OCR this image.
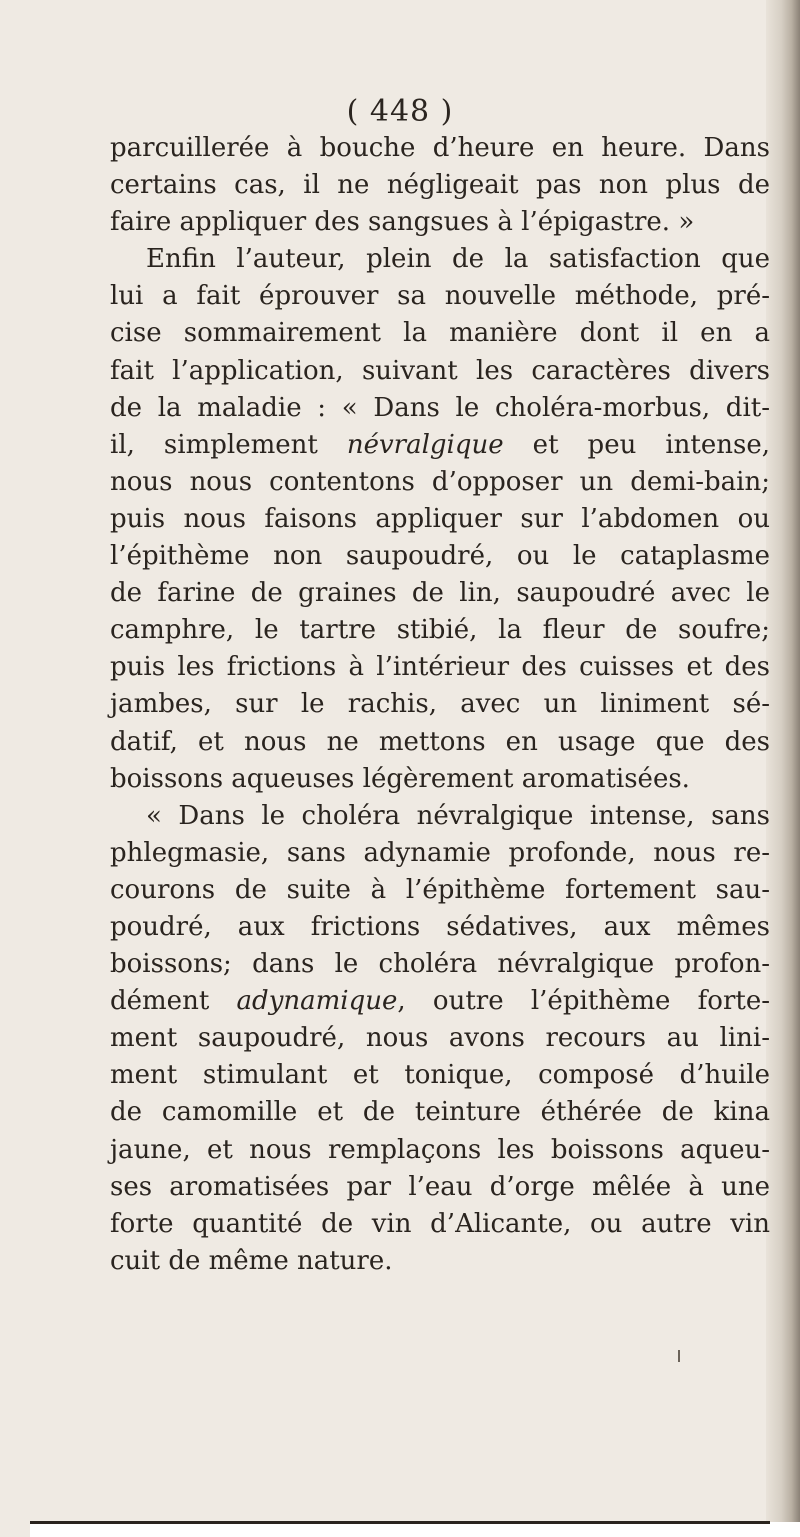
( 448 )
parcuillerée à bouche d’heure en heure. Dans
certains cas, il ne négligeait pas non plus de
faire appliquer des sangsues à l’épigastre. »
Enfin l’auteur, plein de la satisfaction que
lui a fait éprouver sa nouvelle méthode, pré-
cise sommairement la manière dont il en a
fait l’application, suivant les caractères divers
de la maladie : « Dans le choléra-morbus, dit-
il, simplement névralgique et peu intense,
nous nous contentons d’opposer un demi-bain;
puis nous faisons appliquer sur l’abdomen ou
l’épithème non saupoudré, ou le cataplasme
de farine de graines de lin, saupoudré avec le
camphre, le tartre stibié, la fleur de soufre;
puis les frictions à l’intérieur des cuisses et des
jambes, sur le rachis, avec un liniment sé-
datif, et nous ne mettons en usage que des
boissons aqueuses légèrement aromatisées.
« Dans le choléra névralgique intense, sans
phlegmasie, sans adynamie profonde, nous re-
courons de suite à l’épithème fortement sau-
poudré, aux frictions sédatives, aux mêmes
boissons; dans le choléra névralgique profon-
dément adynamique, outre l’épithème forte-
ment saupoudré, nous avons recours au lini-
ment stimulant et tonique, composé d’huile
de camomille et de teinture éthérée de kina
jaune, et nous remplaçons les boissons aqueu-
ses aromatisées par l’eau d’orge mêlée à une
forte quantité de vin d’Alicante, ou autre vin
cuit de même nature.
